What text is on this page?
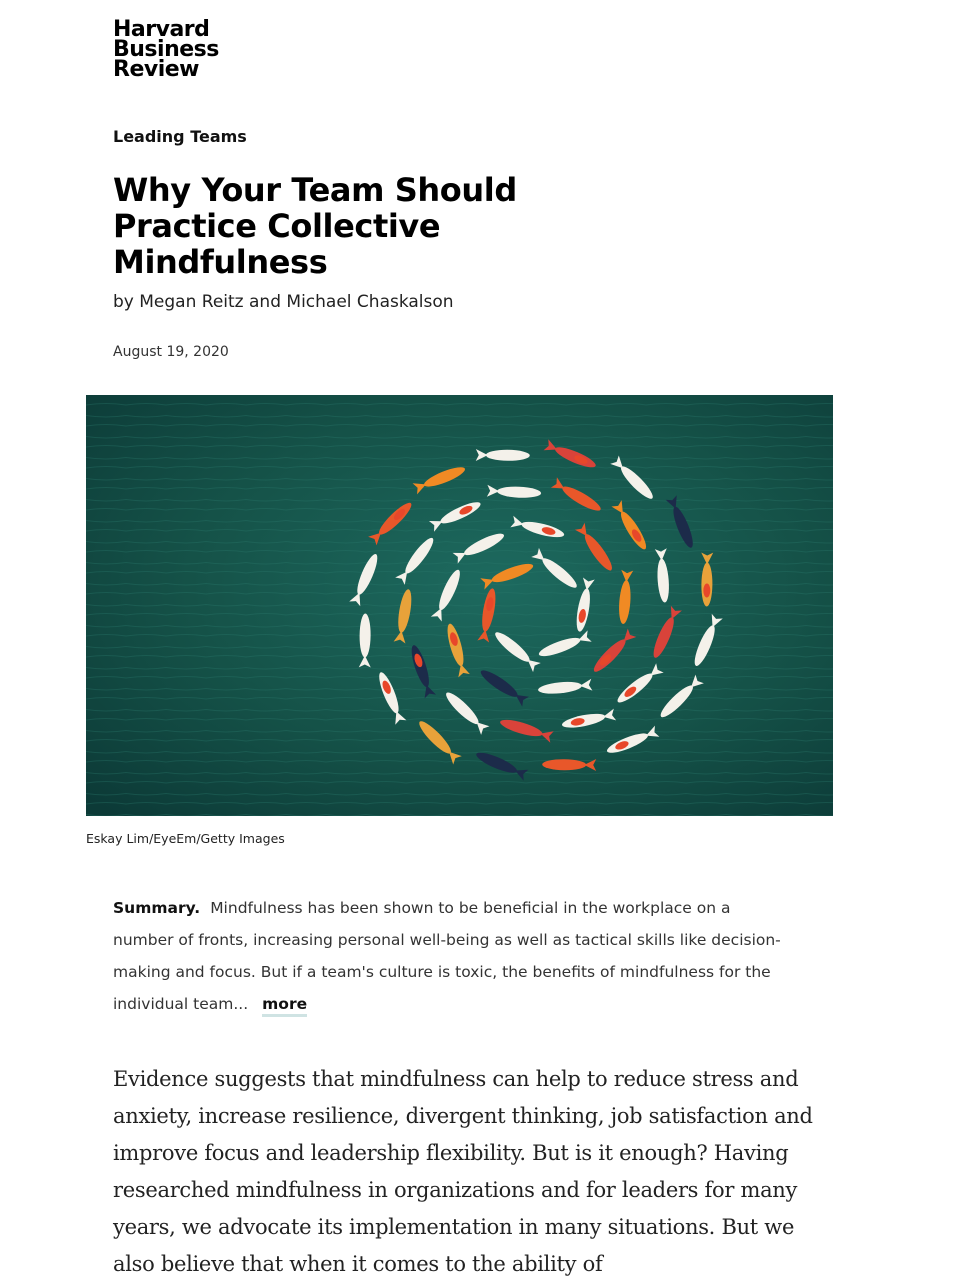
Harvard
Business
Review
Leading Teams
Why Your Team Should Practice Collective Mindfulness
by Megan Reitz and Michael Chaskalson
August 19, 2020
Eskay Lim/EyeEm/Getty Images

Summary. Mindfulness has been shown to be beneficial in the workplace on a number of fronts, increasing personal well-being as well as tactical skills like decision-making and focus. But if a team's culture is toxic, the benefits of mindfulness for the individual team... more

Evidence suggests that mindfulness can help to reduce stress and anxiety, increase resilience, divergent thinking, job satisfaction and improve focus and leadership flexibility. But is it enough? Having researched mindfulness in organizations and for leaders for many years, we advocate its implementation in many situations. But we also believe that when it comes to the ability of
